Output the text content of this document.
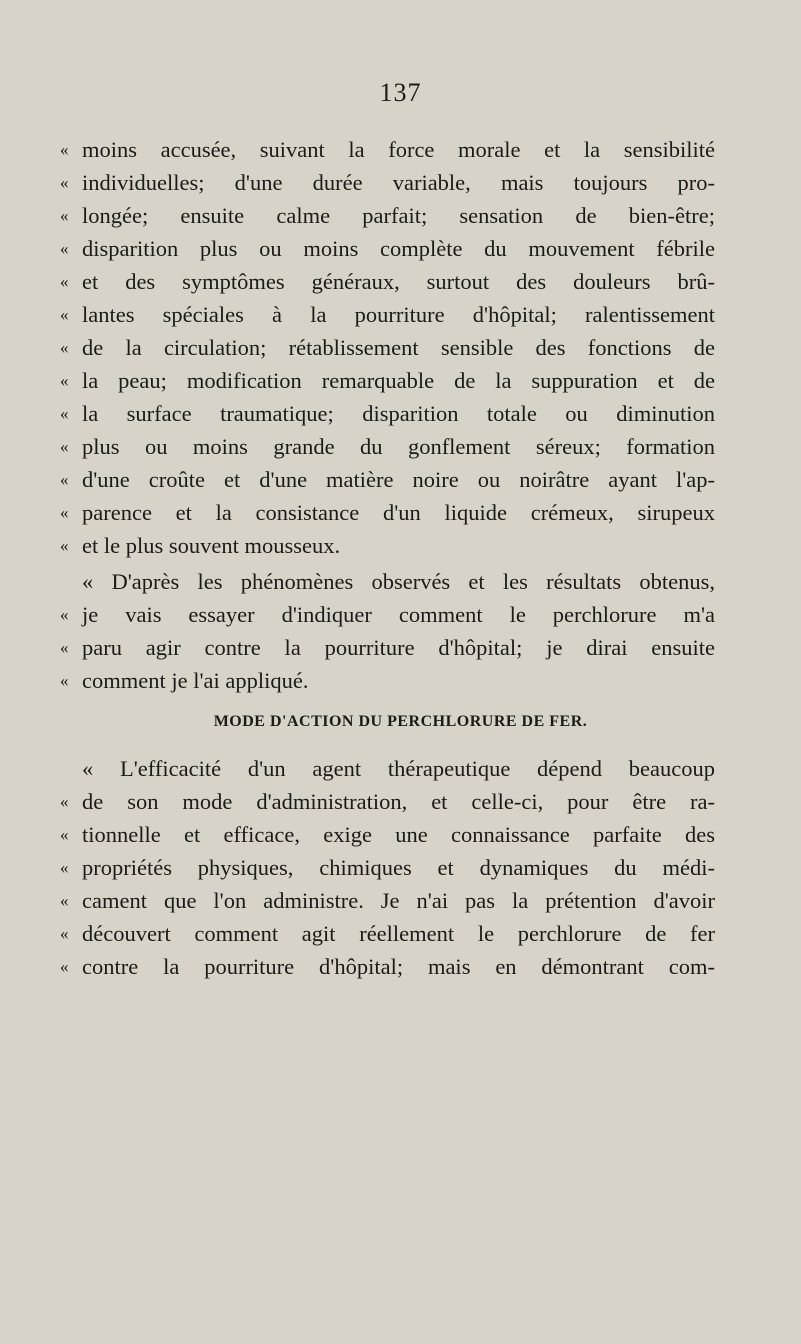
137
« moins accusée, suivant la force morale et la sensibilité
« individuelles; d'une durée variable, mais toujours pro-
« longée; ensuite calme parfait; sensation de bien-être;
« disparition plus ou moins complète du mouvement fébrile
« et des symptômes généraux, surtout des douleurs brû-
« lantes spéciales à la pourriture d'hôpital; ralentissement
« de la circulation; rétablissement sensible des fonctions de
« la peau; modification remarquable de la suppuration et de
« la surface traumatique; disparition totale ou diminution
« plus ou moins grande du gonflement séreux; formation
« d'une croûte et d'une matière noire ou noirâtre ayant l'ap-
« parence et la consistance d'un liquide crémeux, sirupeux
« et le plus souvent mousseux.
« D'après les phénomènes observés et les résultats obtenus,
« je vais essayer d'indiquer comment le perchlorure m'a
« paru agir contre la pourriture d'hôpital; je dirai ensuite
« comment je l'ai appliqué.
MODE D'ACTION DU PERCHLORURE DE FER.
« L'efficacité d'un agent thérapeutique dépend beaucoup
« de son mode d'administration, et celle-ci, pour être ra-
« tionnelle et efficace, exige une connaissance parfaite des
« propriétés physiques, chimiques et dynamiques du médi-
« cament que l'on administre. Je n'ai pas la prétention d'avoir
« découvert comment agit réellement le perchlorure de fer
« contre la pourriture d'hôpital; mais en démontrant com-
